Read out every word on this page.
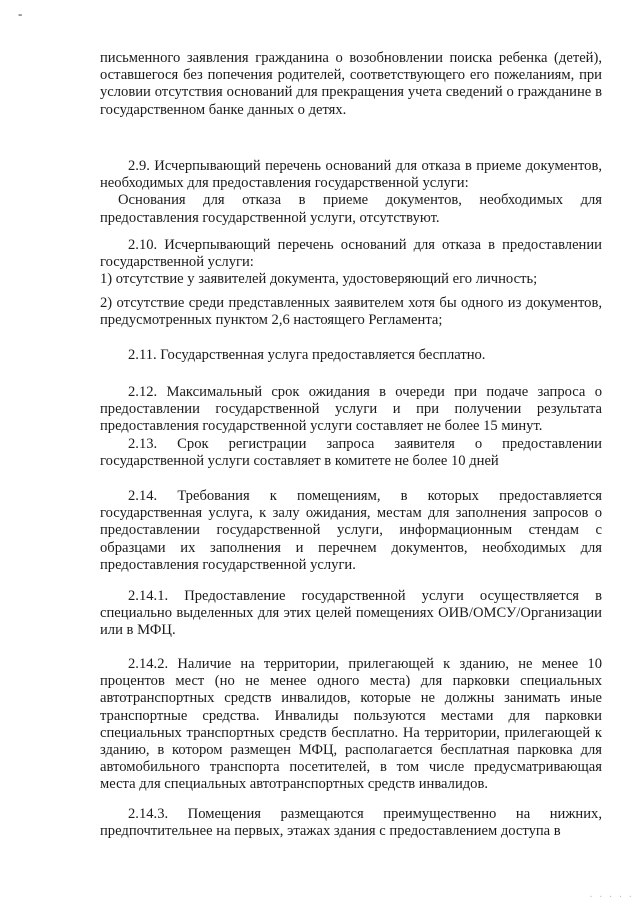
-

письменного заявления гражданина о возобновлении поиска ребенка (детей), оставшегося без попечения родителей, соответствующего его пожеланиям, при условии отсутствия оснований для прекращения учета сведений о гражданине в государственном банке данных о детях.

2.9. Исчерпывающий перечень оснований для отказа в приеме документов, необходимых для предоставления государственной услуги:

Основания для отказа в приеме документов, необходимых для предоставления государственной услуги, отсутствуют.

2.10. Исчерпывающий перечень оснований для отказа в предоставлении государственной услуги:

1) отсутствие у заявителей документа, удостоверяющий его личность;

2) отсутствие среди представленных заявителем хотя бы одного из документов, предусмотренных пунктом 2,6 настоящего Регламента;

2.11. Государственная услуга предоставляется бесплатно.

2.12. Максимальный срок ожидания в очереди при подаче запроса о предоставлении государственной услуги и при получении результата предоставления государственной услуги составляет не более 15 минут.

2.13. Срок регистрации запроса заявителя о предоставлении государственной услуги составляет в комитете не более 10 дней

2.14. Требования к помещениям, в которых предоставляется государственная услуга, к залу ожидания, местам для заполнения запросов о предоставлении государственной услуги, информационным стендам с образцами их заполнения и перечнем документов, необходимых для предоставления государственной услуги.

2.14.1. Предоставление государственной услуги осуществляется в специально выделенных для этих целей помещениях ОИВ/ОМСУ/Организации или в МФЦ.

2.14.2. Наличие на территории, прилегающей к зданию, не менее 10 процентов мест (но не менее одного места) для парковки специальных автотранспортных средств инвалидов, которые не должны занимать иные транспортные средства. Инвалиды пользуются местами для парковки специальных транспортных средств бесплатно. На территории, прилегающей к зданию, в котором размещен МФЦ, располагается бесплатная парковка для автомобильного транспорта посетителей, в том числе предусматривающая места для специальных автотранспортных средств инвалидов.

2.14.3. Помещения размещаются преимущественно на нижних, предпочтительнее на первых, этажах здания с предоставлением доступа в

· · · · ·
